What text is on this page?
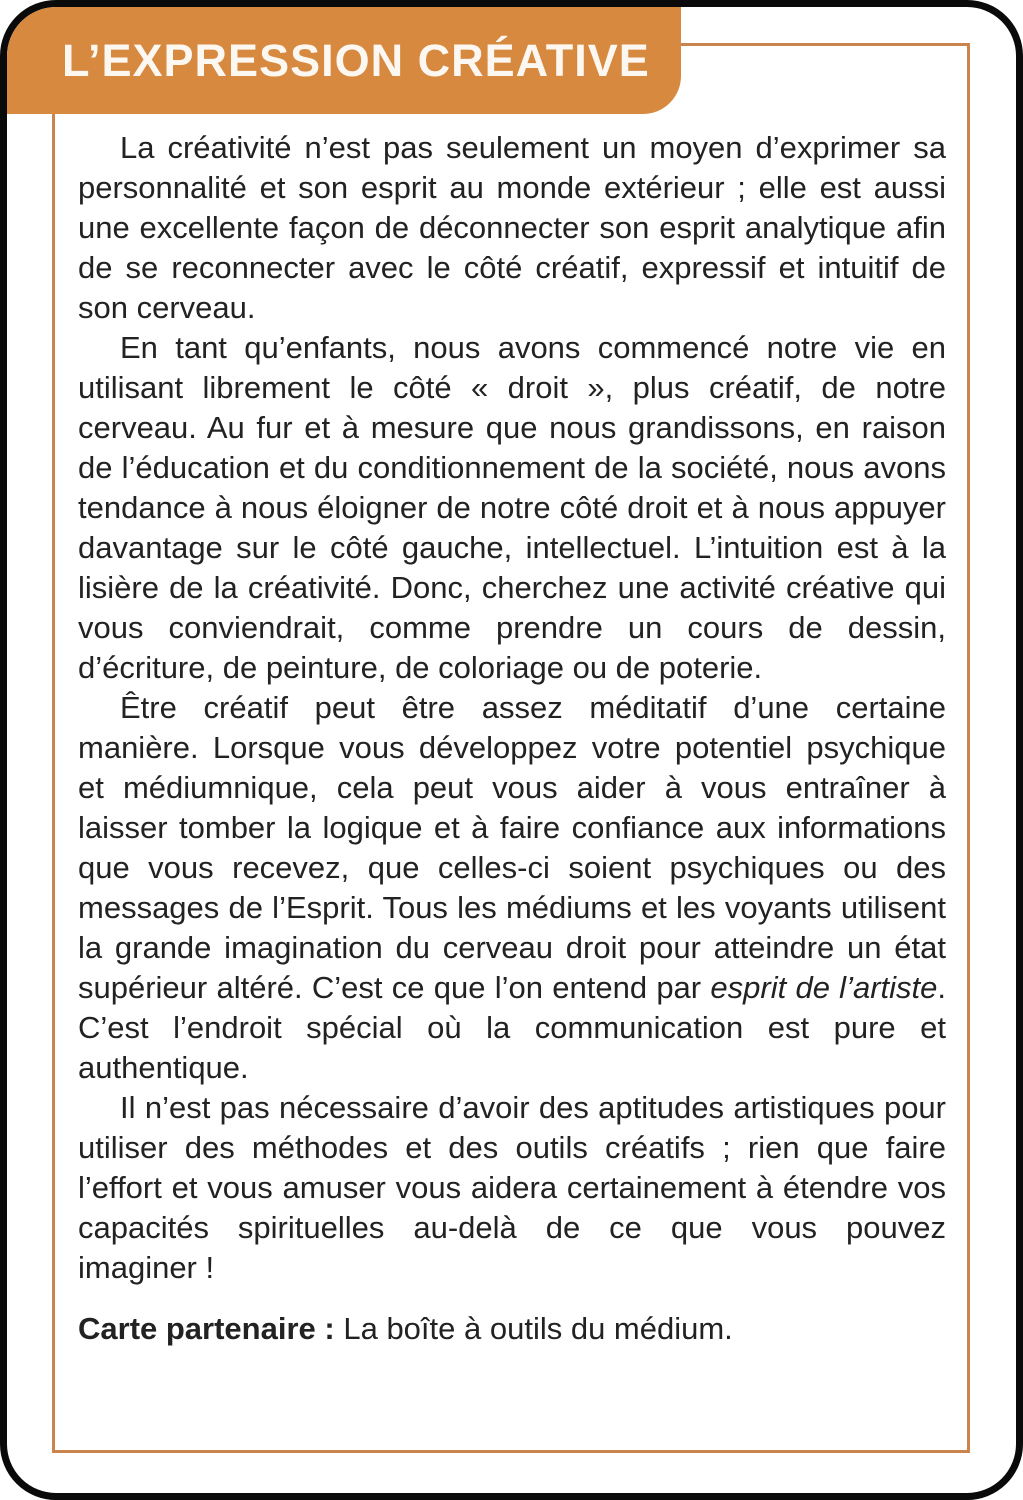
L’EXPRESSION CRÉATIVE

La créativité n’est pas seulement un moyen d’exprimer sa personnalité et son esprit au monde extérieur ; elle est aussi une excellente façon de déconnecter son esprit analytique afin de se reconnecter avec le côté créatif, expressif et intuitif de son cerveau.

En tant qu’enfants, nous avons commencé notre vie en utilisant librement le côté « droit », plus créatif, de notre cerveau. Au fur et à mesure que nous grandissons, en raison de l’éducation et du conditionnement de la société, nous avons tendance à nous éloigner de notre côté droit et à nous appuyer davantage sur le côté gauche, intellectuel. L’intuition est à la lisière de la créativité. Donc, cherchez une activité créative qui vous conviendrait, comme prendre un cours de dessin, d’écriture, de peinture, de coloriage ou de poterie.

Être créatif peut être assez méditatif d’une certaine manière. Lorsque vous développez votre potentiel psychique et médiumnique, cela peut vous aider à vous entraîner à laisser tomber la logique et à faire confiance aux informations que vous recevez, que celles-ci soient psychiques ou des messages de l’Esprit. Tous les médiums et les voyants utilisent la grande imagination du cerveau droit pour atteindre un état supérieur altéré. C’est ce que l’on entend par esprit de l’artiste. C’est l’endroit spécial où la communication est pure et authentique.

Il n’est pas nécessaire d’avoir des aptitudes artistiques pour utiliser des méthodes et des outils créatifs ; rien que faire l’effort et vous amuser vous aidera certainement à étendre vos capacités spirituelles au-delà de ce que vous pouvez imaginer !

Carte partenaire : La boîte à outils du médium.
